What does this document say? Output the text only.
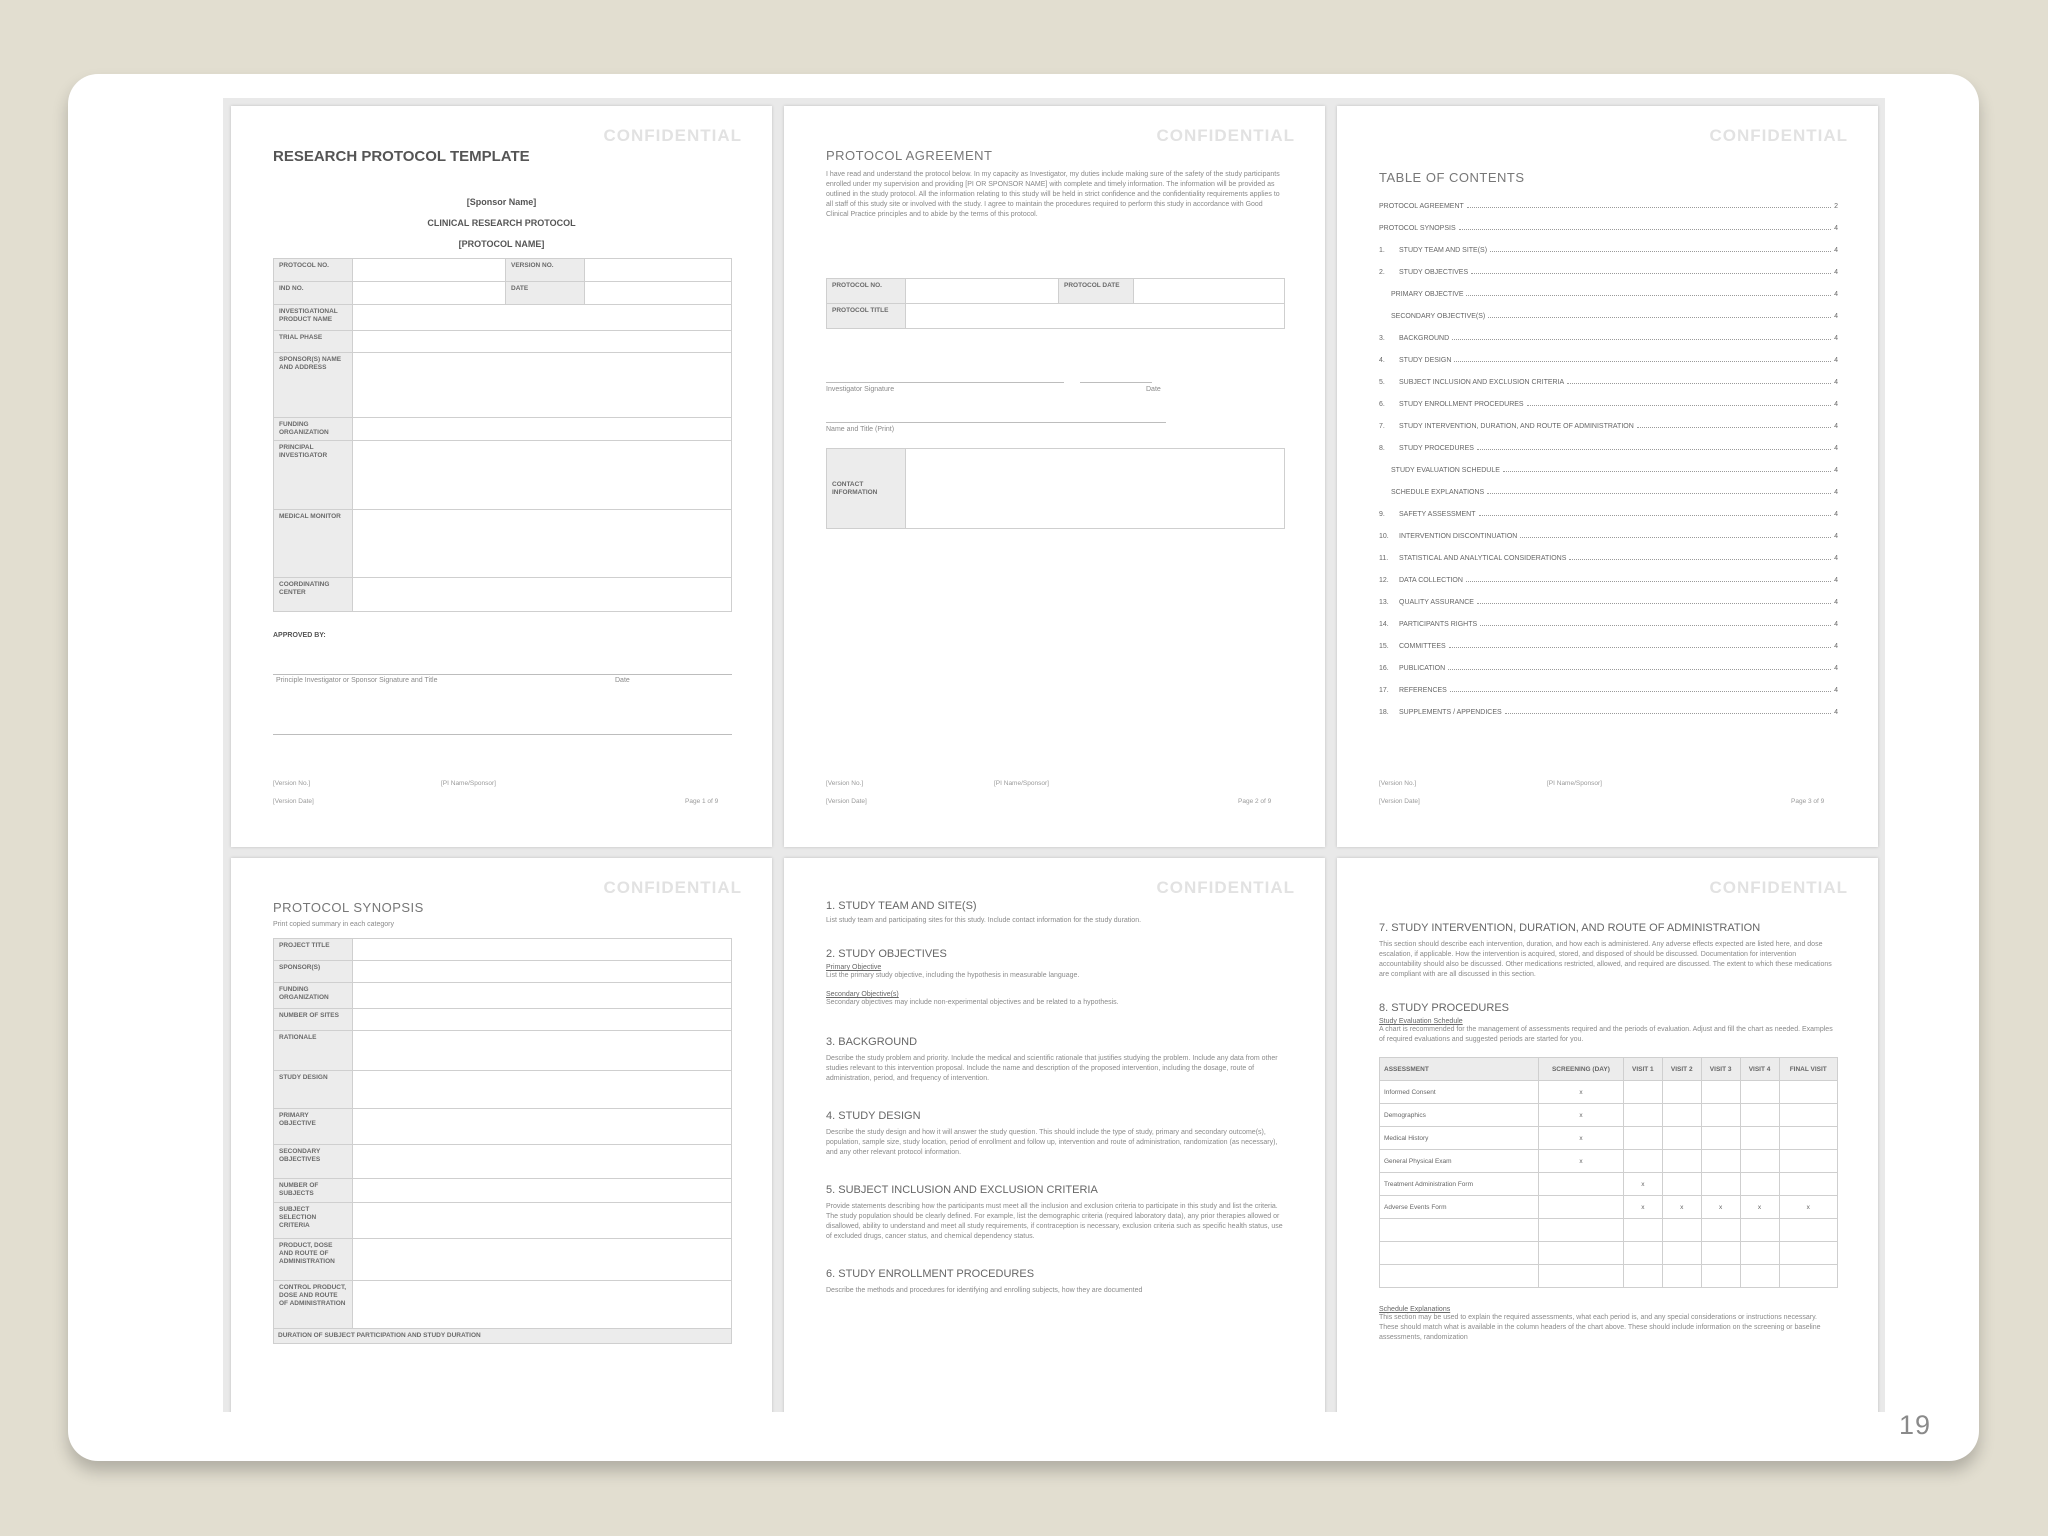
CONFIDENTIAL
RESEARCH PROTOCOL TEMPLATE
[Sponsor Name]
CLINICAL RESEARCH PROTOCOL
[PROTOCOL NAME]
PROTOCOL NO.		VERSION NO.	

IND NO.		DATE	

INVESTIGATIONAL PRODUCT NAME			

TRIAL PHASE			

SPONSOR(S) NAME AND ADDRESS			

FUNDING ORGANIZATION			

PRINCIPAL INVESTIGATOR			

MEDICAL MONITOR			

COORDINATING CENTER			

APPROVED BY:
Principle Investigator or Sponsor Signature and Title	Date
[Version No.]
[Version Date]
[PI Name/Sponsor]
Page 1 of 9
CONFIDENTIAL
PROTOCOL AGREEMENT
I have read and understand the protocol below. In my capacity as Investigator, my duties include making sure of the safety of the study participants enrolled under my supervision and providing [PI OR SPONSOR NAME] with complete and timely information. The information will be provided as outlined in the study protocol. All the information relating to this study will be held in strict confidence and the confidentiality requirements applies to all staff of this study site or involved with the study. I agree to maintain the procedures required to perform this study in accordance with Good Clinical Practice principles and to abide by the terms of this protocol.
PROTOCOL NO.		PROTOCOL DATE	

PROTOCOL TITLE			

Investigator Signature	Date
Name and Title (Print)
CONTACT INFORMATION

[Version No.]
[Version Date]
[PI Name/Sponsor]
Page 2 of 9
CONFIDENTIAL
TABLE OF CONTENTS
PROTOCOL AGREEMENT	2
PROTOCOL SYNOPSIS	4
1.	STUDY TEAM AND SITE(S)	4
2.	STUDY OBJECTIVES	4
PRIMARY OBJECTIVE	4
SECONDARY OBJECTIVE(S)	4
3.	BACKGROUND	4
4.	STUDY DESIGN	4
5.	SUBJECT INCLUSION AND EXCLUSION CRITERIA	4
6.	STUDY ENROLLMENT PROCEDURES	4
7.	STUDY INTERVENTION, DURATION, AND ROUTE OF ADMINISTRATION	4
8.	STUDY PROCEDURES	4
STUDY EVALUATION SCHEDULE	4
SCHEDULE EXPLANATIONS	4
9.	SAFETY ASSESSMENT	4
10.	INTERVENTION DISCONTINUATION	4
11.	STATISTICAL AND ANALYTICAL CONSIDERATIONS	4
12.	DATA COLLECTION	4
13.	QUALITY ASSURANCE	4
14.	PARTICIPANTS RIGHTS	4
15.	COMMITTEES	4
16.	PUBLICATION	4
17.	REFERENCES	4
18.	SUPPLEMENTS / APPENDICES	4
[Version No.]
[Version Date]
[PI Name/Sponsor]
Page 3 of 9
CONFIDENTIAL
PROTOCOL SYNOPSIS
Print copied summary in each category
PROJECT TITLE	

SPONSOR(S)	

FUNDING ORGANIZATION	

NUMBER OF SITES	

RATIONALE	

STUDY DESIGN	

PRIMARY OBJECTIVE	

SECONDARY OBJECTIVES	

NUMBER OF SUBJECTS	

SUBJECT SELECTION CRITERIA	

PRODUCT, DOSE AND ROUTE OF ADMINISTRATION	

CONTROL PRODUCT, DOSE AND ROUTE OF ADMINISTRATION	

DURATION OF SUBJECT PARTICIPATION AND STUDY DURATION
CONFIDENTIAL
1. STUDY TEAM AND SITE(S)
List study team and participating sites for this study. Include contact information for the study duration.
2. STUDY OBJECTIVES
Primary Objective
List the primary study objective, including the hypothesis in measurable language.
Secondary Objective(s)
Secondary objectives may include non-experimental objectives and be related to a hypothesis.
3. BACKGROUND
Describe the study problem and priority. Include the medical and scientific rationale that justifies studying the problem. Include any data from other studies relevant to this intervention proposal. Include the name and description of the proposed intervention, including the dosage, route of administration, period, and frequency of intervention.
4. STUDY DESIGN
Describe the study design and how it will answer the study question. This should include the type of study, primary and secondary outcome(s), population, sample size, study location, period of enrollment and follow up, intervention and route of administration, randomization (as necessary), and any other relevant protocol information.
5. SUBJECT INCLUSION AND EXCLUSION CRITERIA
Provide statements describing how the participants must meet all the inclusion and exclusion criteria to participate in this study and list the criteria. The study population should be clearly defined. For example, list the demographic criteria (required laboratory data), any prior therapies allowed or disallowed, ability to understand and meet all study requirements, if contraception is necessary, exclusion criteria such as specific health status, use of excluded drugs, cancer status, and chemical dependency status.
6. STUDY ENROLLMENT PROCEDURES
Describe the methods and procedures for identifying and enrolling subjects, how they are documented
CONFIDENTIAL
7. STUDY INTERVENTION, DURATION, AND ROUTE OF ADMINISTRATION
This section should describe each intervention, duration, and how each is administered. Any adverse effects expected are listed here, and dose escalation, if applicable. How the intervention is acquired, stored, and disposed of should be discussed. Documentation for intervention accountability should also be discussed. Other medications restricted, allowed, and required are discussed. The extent to which these medications are compliant with are all discussed in this section.
8. STUDY PROCEDURES
Study Evaluation Schedule
A chart is recommended for the management of assessments required and the periods of evaluation. Adjust and fill the chart as needed. Examples of required evaluations and suggested periods are started for you.
ASSESSMENT	SCREENING (DAY)	VISIT 1	VISIT 2	VISIT 3	VISIT 4	FINAL VISIT
Informed Consent	x					
Demographics	x					
Medical History	x					
General Physical Exam	x					
Treatment Administration Form		x				
Adverse Events Form		x	x	x	x	x

Schedule Explanations
This section may be used to explain the required assessments, what each period is, and any special considerations or instructions necessary. These should match what is available in the column headers of the chart above. These should include information on the screening or baseline assessments, randomization
19
